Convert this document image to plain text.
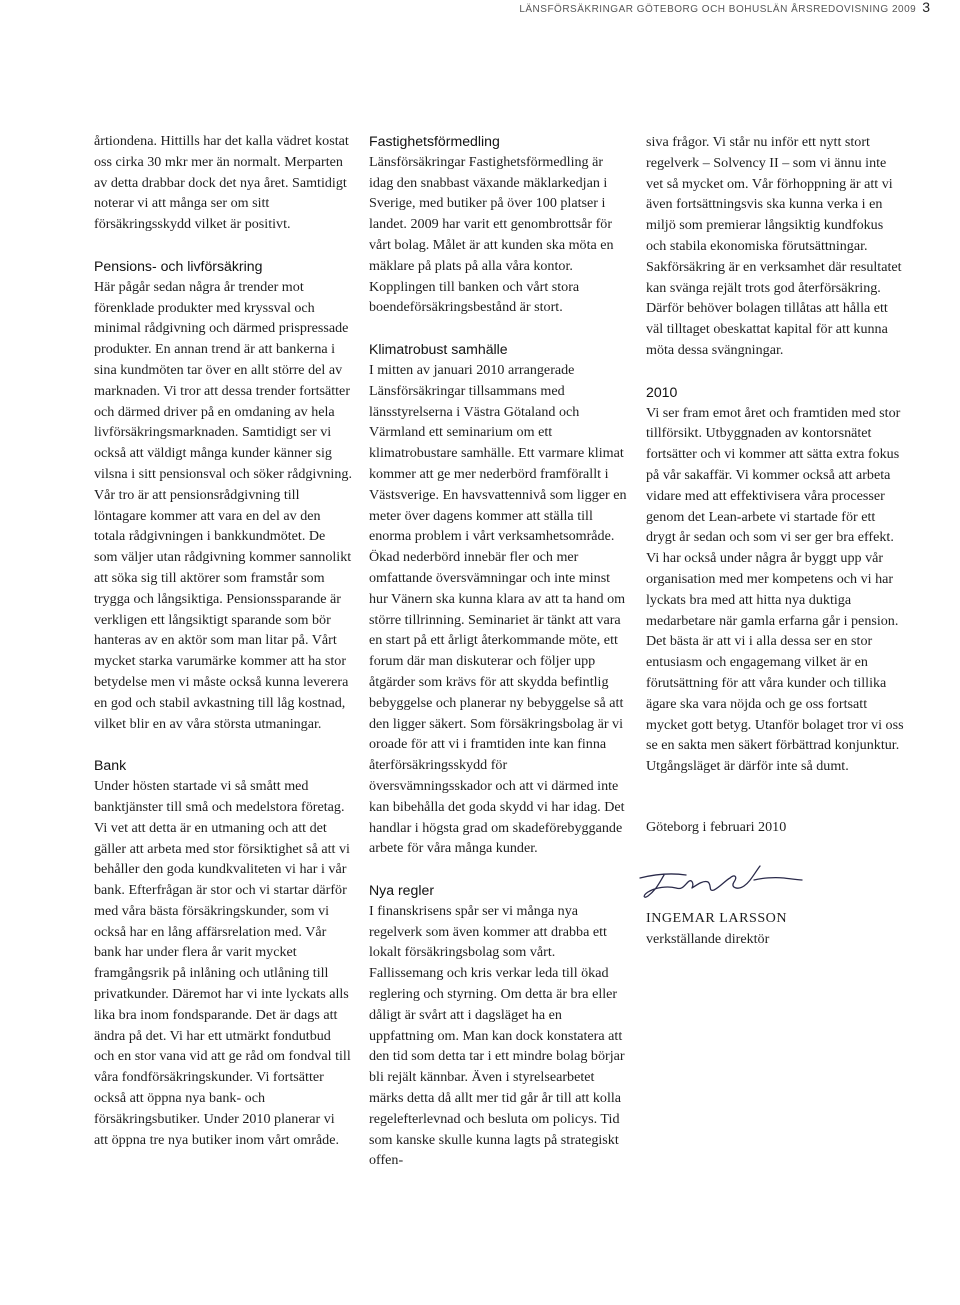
LÄNSFÖRSÄKRINGAR GÖTEBORG OCH BOHUSLÄN ÅRSREDOVISNING 2009 3

årtiondena. Hittills har det kalla vädret kostat oss cirka 30 mkr mer än normalt. Merparten av detta drabbar dock det nya året. Samtidigt noterar vi att många ser om sitt försäkringsskydd vilket är positivt.

Pensions- och livförsäkring

Här pågår sedan några år trender mot förenklade produkter med kryssval och minimal rådgivning och därmed prispressade produkter. En annan trend är att bankerna i sina kundmöten tar över en allt större del av marknaden. Vi tror att dessa trender fortsätter och därmed driver på en omdaning av hela livförsäkringsmarknaden. Samtidigt ser vi också att väldigt många kunder känner sig vilsna i sitt pensionsval och söker rådgivning. Vår tro är att pensionsrådgivning till löntagare kommer att vara en del av den totala rådgivningen i bankkundmötet. De som väljer utan rådgivning kommer sannolikt att söka sig till aktörer som framstår som trygga och långsiktiga. Pensionssparande är verkligen ett långsiktigt sparande som bör hanteras av en aktör som man litar på. Vårt mycket starka varumärke kommer att ha stor betydelse men vi måste också kunna leverera en god och stabil avkastning till låg kostnad, vilket blir en av våra största utmaningar.

Bank

Under hösten startade vi så smått med banktjänster till små och medelstora företag. Vi vet att detta är en utmaning och att det gäller att arbeta med stor försiktighet så att vi behåller den goda kundkvaliteten vi har i vår bank. Efterfrågan är stor och vi startar därför med våra bästa försäkringskunder, som vi också har en lång affärsrelation med. Vår bank har under flera år varit mycket framgångsrik på inlåning och utlåning till privatkunder. Däremot har vi inte lyckats alls lika bra inom fondsparande. Det är dags att ändra på det. Vi har ett utmärkt fondutbud och en stor vana vid att ge råd om fondval till våra fondförsäkringskunder. Vi fortsätter också att öppna nya bank- och försäkringsbutiker. Under 2010 planerar vi att öppna tre nya butiker inom vårt område.

Fastighetsförmedling

Länsförsäkringar Fastighetsförmedling är idag den snabbast växande mäklarkedjan i Sverige, med butiker på över 100 platser i landet. 2009 har varit ett genombrottsår för vårt bolag. Målet är att kunden ska möta en mäklare på plats på alla våra kontor. Kopplingen till banken och vårt stora boendeförsäkringsbestånd är stort.

Klimatrobust samhälle

I mitten av januari 2010 arrangerade Länsförsäkringar tillsammans med länsstyrelserna i Västra Götaland och Värmland ett seminarium om ett klimatrobustare samhälle. Ett varmare klimat kommer att ge mer nederbörd framförallt i Västsverige. En havsvattennivå som ligger en meter över dagens kommer att ställa till enorma problem i vårt verksamhetsområde. Ökad nederbörd innebär fler och mer omfattande översvämningar och inte minst hur Vänern ska kunna klara av att ta hand om större tillrinning. Seminariet är tänkt att vara en start på ett årligt återkommande möte, ett forum där man diskuterar och följer upp åtgärder som krävs för att skydda befintlig bebyggelse och planerar ny bebyggelse så att den ligger säkert. Som försäkringsbolag är vi oroade för att vi i framtiden inte kan finna återförsäkringsskydd för översvämningsskador och att vi därmed inte kan bibehålla det goda skydd vi har idag. Det handlar i högsta grad om skadeförebyggande arbete för våra många kunder.

Nya regler

I finanskrisens spår ser vi många nya regelverk som även kommer att drabba ett lokalt försäkringsbolag som vårt. Fallissemang och kris verkar leda till ökad reglering och styrning. Om detta är bra eller dåligt är svårt att i dagsläget ha en uppfattning om. Man kan dock konstatera att den tid som detta tar i ett mindre bolag börjar bli rejält kännbar. Även i styrelsearbetet märks detta då allt mer tid går år till att kolla regelefterlevnad och besluta om policys. Tid som kanske skulle kunna lagts på strategiskt offen-

siva frågor. Vi står nu inför ett nytt stort regelverk – Solvency II – som vi ännu inte vet så mycket om. Vår förhoppning är att vi även fortsättningsvis ska kunna verka i en miljö som premierar långsiktig kundfokus och stabila ekonomiska förutsättningar. Sakförsäkring är en verksamhet där resultatet kan svänga rejält trots god återförsäkring. Därför behöver bolagen tillåtas att hålla ett väl tilltaget obeskattat kapital för att kunna möta dessa svängningar.

2010

Vi ser fram emot året och framtiden med stor tillförsikt. Utbyggnaden av kontorsnätet fortsätter och vi kommer att sätta extra fokus på vår sakaffär. Vi kommer också att arbeta vidare med att effektivisera våra processer genom det Lean-arbete vi startade för ett drygt år sedan och som vi ser ger bra effekt. Vi har också under några år byggt upp vår organisation med mer kompetens och vi har lyckats bra med att hitta nya duktiga medarbetare när gamla erfarna går i pension. Det bästa är att vi i alla dessa ser en stor entusiasm och engagemang vilket är en förutsättning för att våra kunder och tillika ägare ska vara nöjda och ge oss fortsatt mycket gott betyg. Utanför bolaget tror vi oss se en sakta men säkert förbättrad konjunktur. Utgångsläget är därför inte så dumt.

Göteborg i februari 2010

INGEMAR LARSSON

verkställande direktör
